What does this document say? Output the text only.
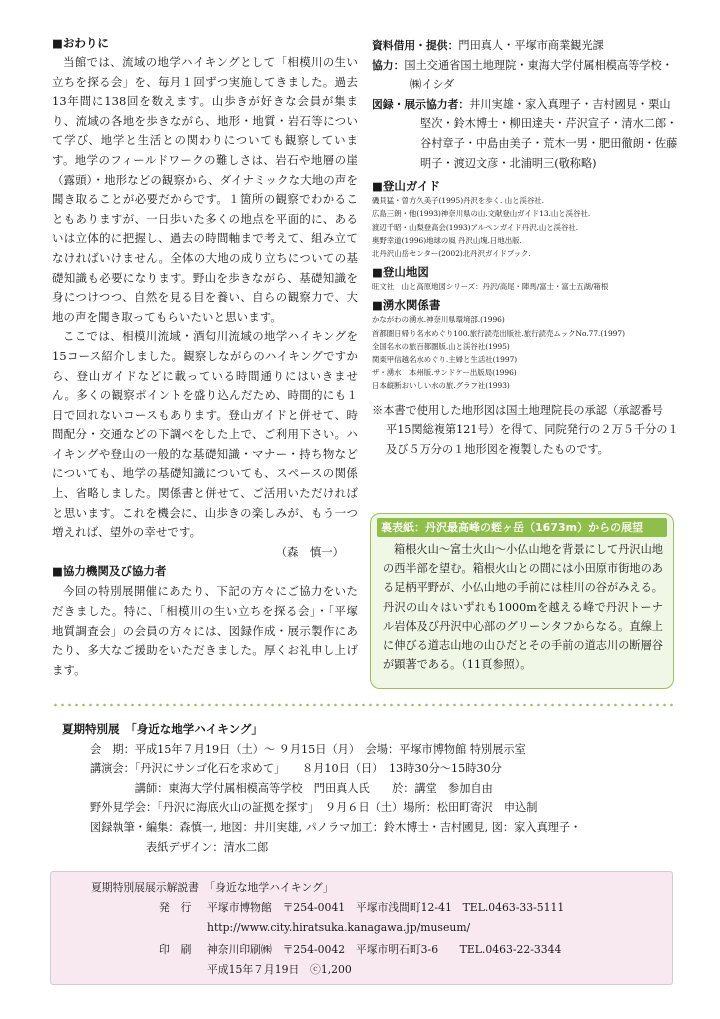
■おわりに

当館では、流域の地学ハイキングとして「相模川の生い立ちを探る会」を、毎月１回ずつ実施してきました。過去13年間に138回を数えます。山歩きが好きな会員が集まり、流域の各地を歩きながら、地形・地質・岩石等について学び、地学と生活との関わりについても観察しています。地学のフィールドワークの難しさは、岩石や地層の崖（露頭）・地形などの観察から、ダイナミックな大地の声を聞き取ることが必要だからです。１箇所の観察でわかることもありますが、一日歩いた多くの地点を平面的に、あるいは立体的に把握し、過去の時間軸まで考えて、組み立てなければいけません。全体の大地の成り立ちについての基礎知識も必要になります。野山を歩きながら、基礎知識を身につけつつ、自然を見る目を養い、自らの観察力で、大地の声を聞き取ってもらいたいと思います。

ここでは、相模川流域・酒匂川流域の地学ハイキングを15コース紹介しました。観察しながらのハイキングですから、登山ガイドなどに載っている時間通りにはいきません。多くの観察ポイントを盛り込んだため、時間的にも１日で回れないコースもあります。登山ガイドと併せて、時間配分・交通などの下調べをした上で、ご利用下さい。ハイキングや登山の一般的な基礎知識・マナー・持ち物などについても、地学の基礎知識についても、スペースの関係上、省略しました。関係書と併せて、ご活用いただければと思います。これを機会に、山歩きの楽しみが、もう一つ増えれば、望外の幸せです。

（森　慎一）

■協力機関及び協力者

今回の特別展開催にあたり、下記の方々にご協力をいただきました。特に、「相模川の生い立ちを探る会」・「平塚地質調査会」の会員の方々には、図録作成・展示製作にあたり、多大なご援助をいただきました。厚くお礼申し上げます。

資料借用・提供：門田真人・平塚市商業観光課

協力：国土交通省国土地理院・東海大学付属相模高等学校・㈱イシダ

図録・展示協力者：井川実雄・家入真理子・吉村國見・栗山堅次・鈴木博士・柳田達夫・芹沢宣子・清水二郎・谷村章子・中島由美子・荒木一男・肥田徹朗・佐藤明子・渡辺文彦・北浦明三(敬称略)

■登山ガイド

磯貝猛・曽方久美子(1995)丹沢を歩く. 山と渓谷社.

広島三朗・他(1993)神奈川県の山.文献登山ガイド13.山と渓谷社.

渡辺千昭・山梨登高会(1993)アルペンガイド丹沢.山と渓谷社.

奥野幸道(1996)地球の風 丹沢山塊.日地出版.

北丹沢山岳センター(2002)北丹沢ガイドブック.

■登山地図

旺文社　山と高原地図シリーズ：丹沢/高尾・陣馬/富士・富士五湖/箱根

■湧水関係書

かながわの湧水.神奈川県環境部.(1996)

首都圏日帰り名水めぐり100.旅行読売出版社.旅行読売ムックNo.77.(1997)

全国名水の旅百都圏版.山と渓谷社(1995)

関東甲信越名水めぐり.主婦と生活社(1997)

ザ・湧水　本州版.サンドケー出版局(1996)

日本縦断おいしい水の旅.グラフ社(1993)

※本書で使用した地形図は国土地理院長の承認（承認番号　平15関総複第121号）を得て、同院発行の２万５千分の１及び５万分の１地形図を複製したものです。

裏表紙：丹沢最高峰の蛭ヶ岳（1673m）からの展望

箱根火山～富士火山～小仏山地を背景にして丹沢山地の西半部を望む。箱根火山との間には小田原市街地のある足柄平野が、小仏山地の手前には桂川の谷がみえる。丹沢の山々はいずれも1000mを越える峰で丹沢トーナル岩体及び丹沢中心部のグリーンタフからなる。直線上に伸びる道志山地の山ひだとその手前の道志川の断層谷が顕著である。（11頁参照）。

夏期特別展　「身近な地学ハイキング」

会　期：平成15年７月19日（土）～ ９月15日（月）　会場：平塚市博物館 特別展示室

講演会：「丹沢にサンゴ化石を求めて」　　８月10日（日）　13時30分～15時30分

　　　　講師：東海大学付属相模高等学校　門田真人氏　　於：講堂　参加自由

野外見学会：「丹沢に海底火山の証拠を探す」　９月６日（土）場所：松田町寄沢　申込制

図録執筆・編集：森慎一, 地図：井川実雄, パノラマ加工：鈴木博士・吉村國見, 図：家入真理子・

表紙デザイン：清水二郎

夏期特別展展示解説書　「身近な地学ハイキング」

発　行 平塚市博物館　〒254-0041　平塚市浅間町12-41　TEL.0463-33-5111

http://www.city.hiratsuka.kanagawa.jp/museum/

印　刷 神奈川印刷㈱　〒254-0042　平塚市明石町3-6　　TEL.0463-22-3344

平成15年７月19日　ⓒ1,200
